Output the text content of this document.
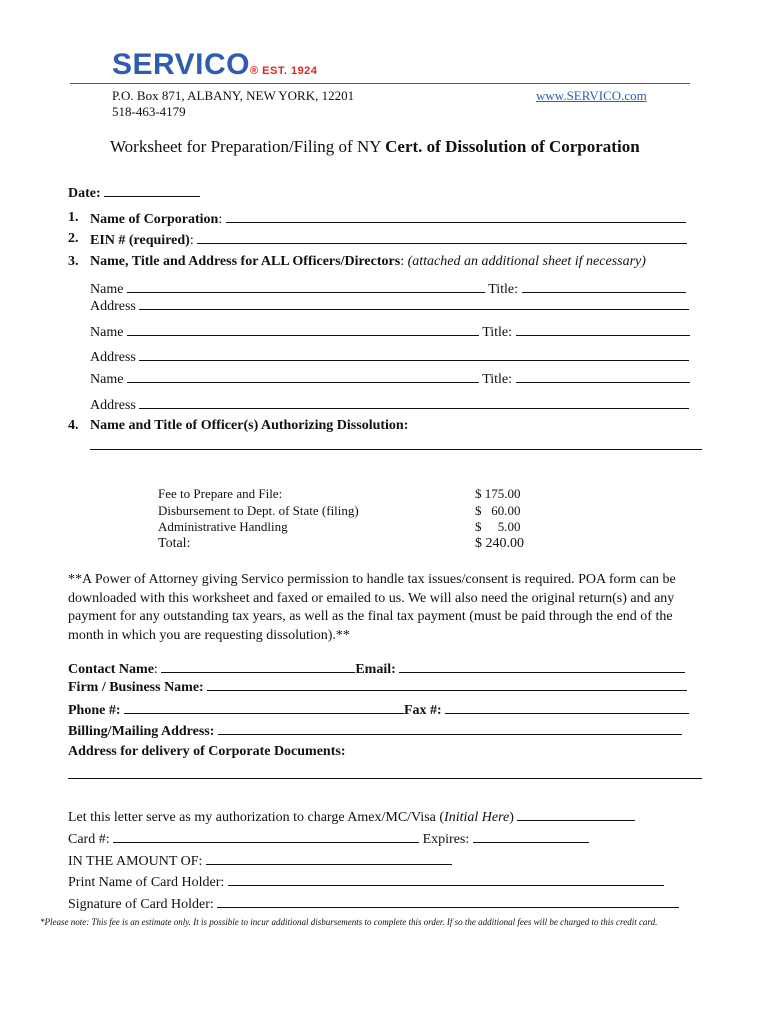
SERVICO® EST. 1924
P.O. Box 871, ALBANY, NEW YORK, 12201
518-463-4179
www.SERVICO.com
Worksheet for Preparation/Filing of NY Cert. of Dissolution of Corporation
Date:
1. Name of Corporation:
2. EIN # (required):
3. Name, Title and Address for ALL Officers/Directors: (attached an additional sheet if necessary)
Name	Title:
Address
Name	Title:
Address
Name	Title:
Address
4. Name and Title of Officer(s) Authorizing Dissolution:
Fee to Prepare and File:	$ 175.00
Disbursement to Dept. of State (filing)	$   60.00
Administrative Handling	$     5.00
Total:	$ 240.00
**A Power of Attorney giving Servico permission to handle tax issues/consent is required. POA form can be downloaded with this worksheet and faxed or emailed to us. We will also need the original return(s) and any payment for any outstanding tax years, as well as the final tax payment (must be paid through the end of the month in which you are requesting dissolution).**
Contact Name:	Email:
Firm / Business Name:
Phone #:	Fax #:
Billing/Mailing Address:
Address for delivery of Corporate Documents:
Let this letter serve as my authorization to charge Amex/MC/Visa (Initial Here)
Card #:	Expires:
IN THE AMOUNT OF:
Print Name of Card Holder:
Signature of Card Holder:
*Please note: This fee is an estimate only. It is possible to incur additional disbursements to complete this order. If so the additional fees will be charged to this credit card.
